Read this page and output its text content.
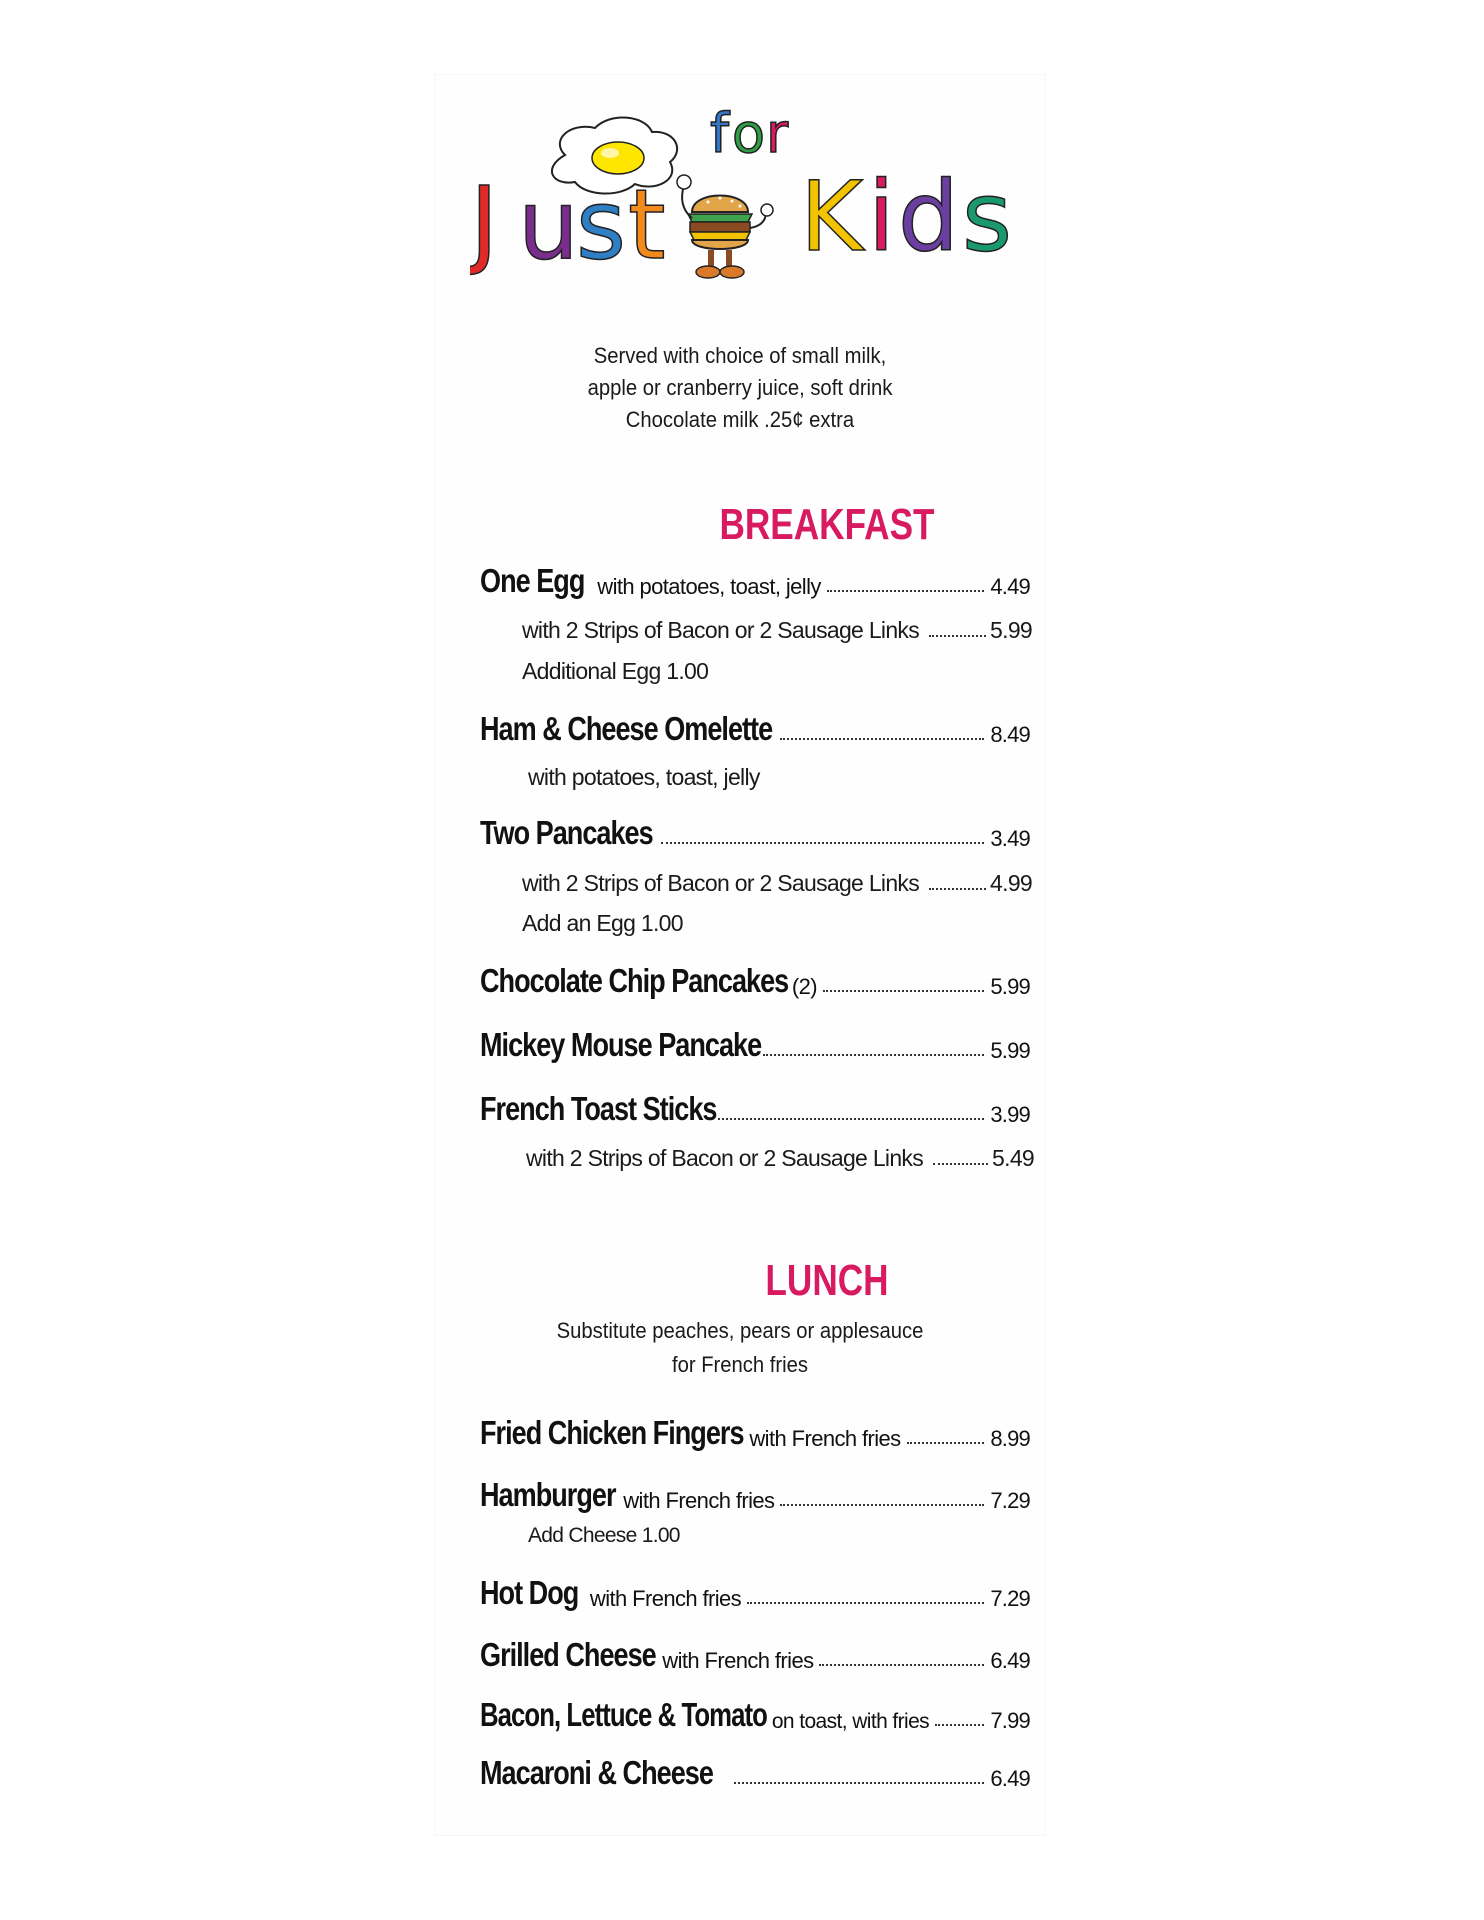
J u
s t
f o r
K i d s
Served with choice of small milk,
apple or cranberry juice, soft drink
Chocolate milk .25¢ extra
BREAKFAST
One Egg with potatoes, toast, jelly	4.49
with 2 Strips of Bacon or 2 Sausage Links	5.99
Additional Egg 1.00
Ham & Cheese Omelette	8.49
with potatoes, toast, jelly
Two Pancakes	3.49
with 2 Strips of Bacon or 2 Sausage Links	4.99
Add an Egg 1.00
Chocolate Chip Pancakes (2)	5.99
Mickey Mouse Pancake	5.99
French Toast Sticks	3.99
with 2 Strips of Bacon or 2 Sausage Links	5.49
LUNCH
Substitute peaches, pears or applesauce
for French fries
Fried Chicken Fingers with French fries	8.99
Hamburger with French fries	7.29
Add Cheese 1.00
Hot Dog with French fries	7.29
Grilled Cheese with French fries	6.49
Bacon, Lettuce & Tomato on toast, with fries	7.99
Macaroni & Cheese	6.49
